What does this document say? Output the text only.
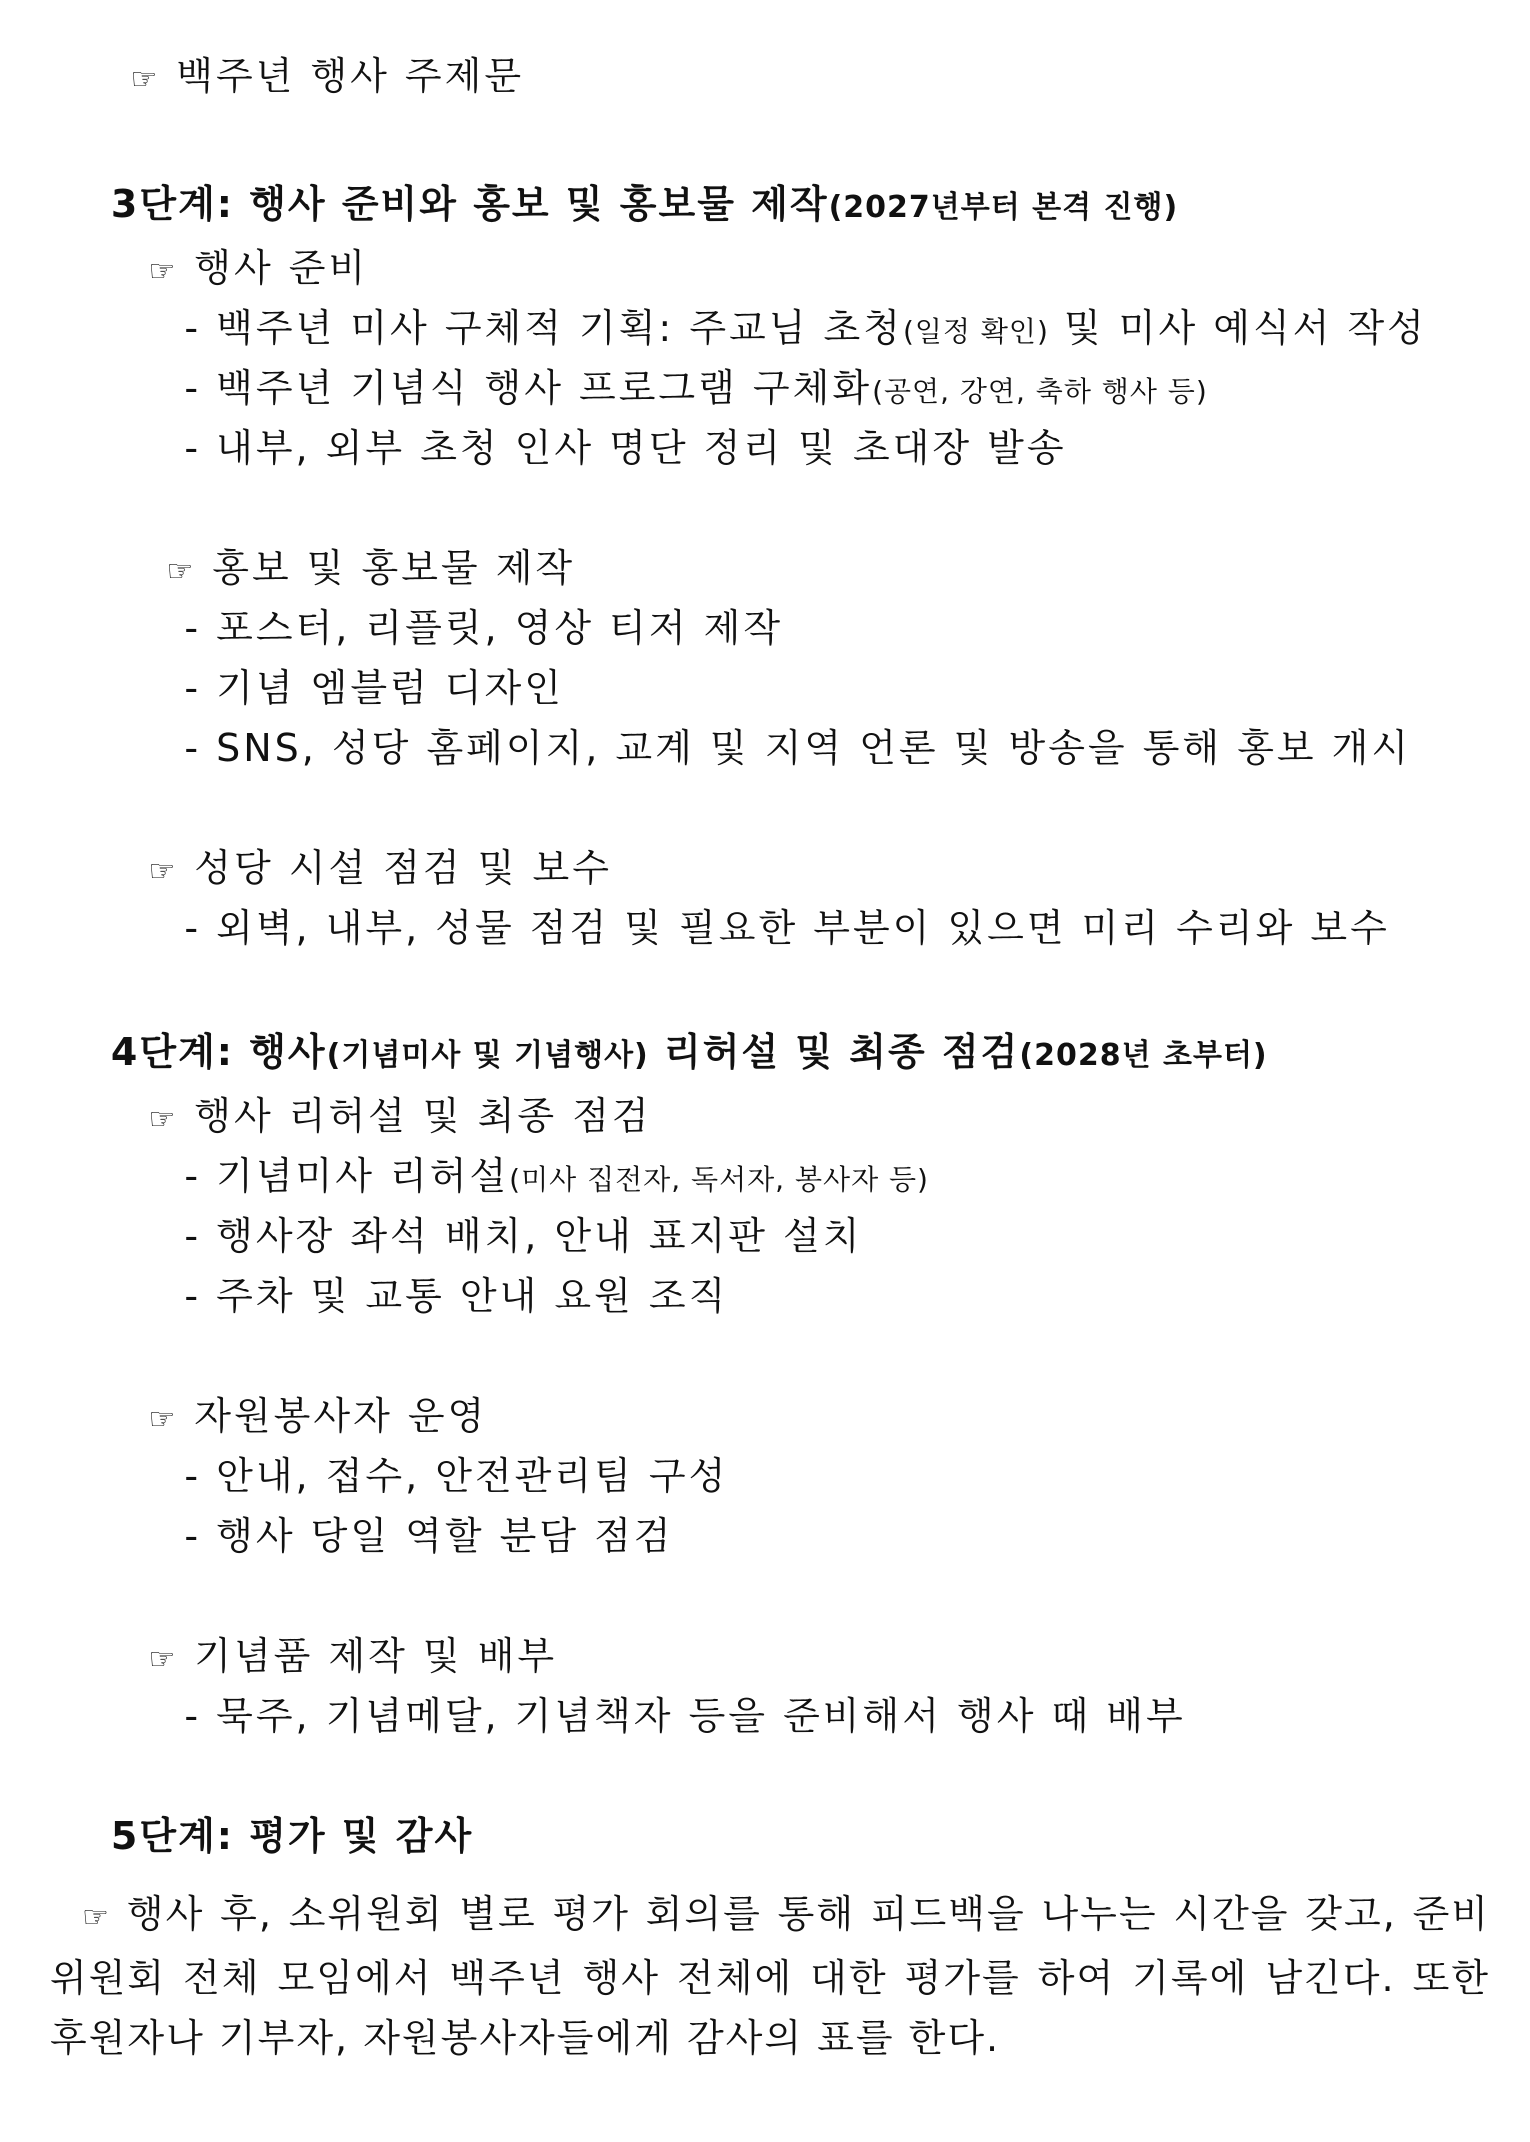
☞ 백주년 행사 주제문

3단계: 행사 준비와 홍보 및 홍보물 제작(2027년부터 본격 진행)

☞ 행사 준비

- 백주년 미사 구체적 기획: 주교님 초청(일정 확인) 및 미사 예식서 작성

- 백주년 기념식 행사 프로그램 구체화(공연, 강연, 축하 행사 등)

- 내부, 외부 초청 인사 명단 정리 및 초대장 발송

☞ 홍보 및 홍보물 제작

- 포스터, 리플릿, 영상 티저 제작

- 기념 엠블럼 디자인

- SNS, 성당 홈페이지, 교계 및 지역 언론 및 방송을 통해 홍보 개시

☞ 성당 시설 점검 및 보수

- 외벽, 내부, 성물 점검 및 필요한 부분이 있으면 미리 수리와 보수

4단계: 행사(기념미사 및 기념행사) 리허설 및 최종 점검(2028년 초부터)

☞ 행사 리허설 및 최종 점검

- 기념미사 리허설(미사 집전자, 독서자, 봉사자 등)

- 행사장 좌석 배치, 안내 표지판 설치

- 주차 및 교통 안내 요원 조직

☞ 자원봉사자 운영

- 안내, 접수, 안전관리팀 구성

- 행사 당일 역할 분담 점검

☞ 기념품 제작 및 배부

- 묵주, 기념메달, 기념책자 등을 준비해서 행사 때 배부

5단계: 평가 및 감사

☞ 행사 후, 소위원회 별로 평가 회의를 통해 피드백을 나누는 시간을 갖고, 준비위원회 전체 모임에서 백주년 행사 전체에 대한 평가를 하여 기록에 남긴다. 또한 후원자나 기부자, 자원봉사자들에게 감사의 표를 한다.
